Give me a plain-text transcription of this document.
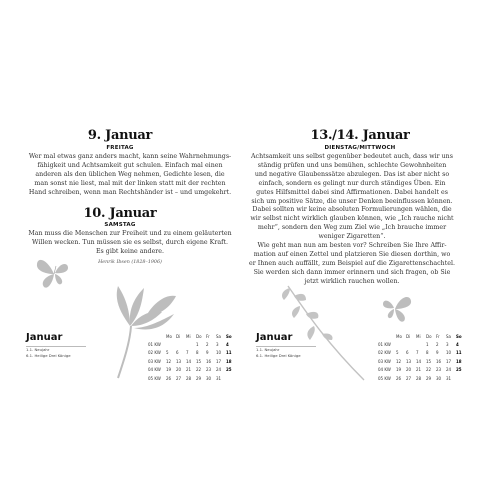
9. Januar
FREITAG
Wer mal etwas ganz anders macht, kann seine Wahrnehmungs-
fähigkeit und Achtsamkeit gut schulen. Einfach mal einen
anderen als den üblichen Weg nehmen, Gedichte lesen, die
man sonst nie liest, mal mit der linken statt mit der rechten
Hand schreiben, wenn man Rechtshänder ist – und umgekehrt.
10. Januar
SAMSTAG
Man muss die Menschen zur Freiheit und zu einem geläuterten
Willen wecken. Tun müssen sie es selbst, durch eigene Kraft.
Es gibt keine andere.
Henrik Ibsen (1828–1906)
Januar
1.1. Neujahr
6.1. Heilige Drei Könige
	Mo	Di	Mi	Do	Fr	Sa	So
01 KW				1	2	3	4
02 KW	5	6	7	8	9	10	11
03 KW	12	13	14	15	16	17	18
04 KW	19	20	21	22	23	24	25
05 KW	26	27	28	29	30	31	
13./14. Januar
DIENSTAG/MITTWOCH
Achtsamkeit uns selbst gegenüber bedeutet auch, dass wir uns
ständig prüfen und uns bemühen, schlechte Gewohnheiten
und negative Glaubenssätze abzulegen. Das ist aber nicht so
einfach, sondern es gelingt nur durch ständiges Üben. Ein
gutes Hilfsmittel dabei sind Affirmationen. Dabei handelt es
sich um positive Sätze, die unser Denken beeinflussen können.
Dabei sollten wir keine absoluten Formulierungen wählen, die
wir selbst nicht wirklich glauben können, wie „Ich rauche nicht
mehr“, sondern den Weg zum Ziel wie „Ich brauche immer
weniger Zigaretten“.
Wie geht man nun am besten vor? Schreiben Sie Ihre Affir-
mation auf einen Zettel und platzieren Sie diesen dorthin, wo
er Ihnen auch auffällt, zum Beispiel auf die Zigarettenschachtel.
Sie werden sich dann immer erinnern und sich fragen, ob Sie
jetzt wirklich rauchen wollen.
Januar
1.1. Neujahr
6.1. Heilige Drei Könige
	Mo	Di	Mi	Do	Fr	Sa	So
01 KW				1	2	3	4
02 KW	5	6	7	8	9	10	11
03 KW	12	13	14	15	16	17	18
04 KW	19	20	21	22	23	24	25
05 KW	26	27	28	29	30	31	
